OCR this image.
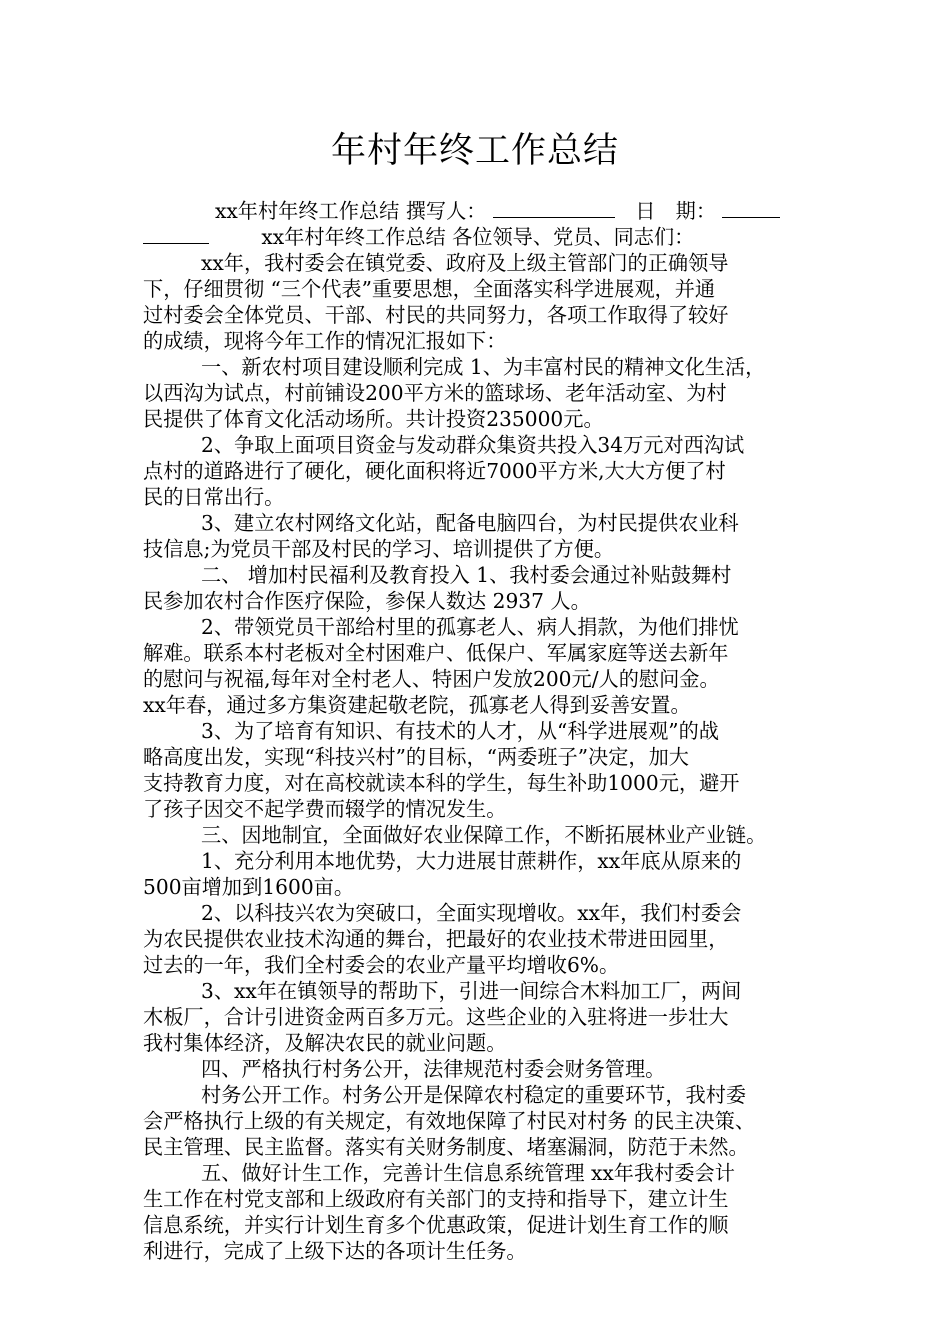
年村年终工作总结
xx年村年终工作总结 撰写人：	日　期：
xx年村年终工作总结 各位领导、党员、同志们：
xx年，我村委会在镇党委、政府及上级主管部门的正确领导
下，仔细贯彻 “三个代表”重要思想，全面落实科学进展观，并通
过村委会全体党员、干部、村民的共同努力，各项工作取得了较好
的成绩，现将今年工作的情况汇报如下：
一、新农村项目建设顺利完成 1、为丰富村民的精神文化生活，
以西沟为试点，村前铺设200平方米的篮球场、老年活动室、为村
民提供了体育文化活动场所。共计投资235000元。
2、争取上面项目资金与发动群众集资共投入34万元对西沟试
点村的道路进行了硬化，硬化面积将近7000平方米,大大方便了村
民的日常出行。
3、建立农村网络文化站，配备电脑四台，为村民提供农业科
技信息;为党员干部及村民的学习、培训提供了方便。
二、 增加村民福利及教育投入 1、我村委会通过补贴鼓舞村
民参加农村合作医疗保险，参保人数达 2937 人。
2、带领党员干部给村里的孤寡老人、病人捐款，为他们排忧
解难。联系本村老板对全村困难户、低保户、军属家庭等送去新年
的慰问与祝福,每年对全村老人、特困户发放200元/人的慰问金。
xx年春，通过多方集资建起敬老院，孤寡老人得到妥善安置。
3、为了培育有知识、有技术的人才，从“科学进展观”的战
略高度出发，实现“科技兴村”的目标，“两委班子”决定，加大
支持教育力度，对在高校就读本科的学生，每生补助1000元，避开
了孩子因交不起学费而辍学的情况发生。
三、因地制宜，全面做好农业保障工作，不断拓展林业产业链。
1、充分利用本地优势，大力进展甘蔗耕作，xx年底从原来的
500亩增加到1600亩。
2、以科技兴农为突破口，全面实现增收。xx年，我们村委会
为农民提供农业技术沟通的舞台，把最好的农业技术带进田园里，
过去的一年，我们全村委会的农业产量平均增收6%。
3、xx年在镇领导的帮助下，引进一间综合木料加工厂，两间
木板厂，合计引进资金两百多万元。这些企业的入驻将进一步壮大
我村集体经济，及解决农民的就业问题。
四、严格执行村务公开，法律规范村委会财务管理。
村务公开工作。村务公开是保障农村稳定的重要环节，我村委
会严格执行上级的有关规定，有效地保障了村民对村务 的民主决策、
民主管理、民主监督。落实有关财务制度、堵塞漏洞，防范于未然。
五、做好计生工作，完善计生信息系统管理 xx年我村委会计
生工作在村党支部和上级政府有关部门的支持和指导下，建立计生
信息系统，并实行计划生育多个优惠政策，促进计划生育工作的顺
利进行，完成了上级下达的各项计生任务。
